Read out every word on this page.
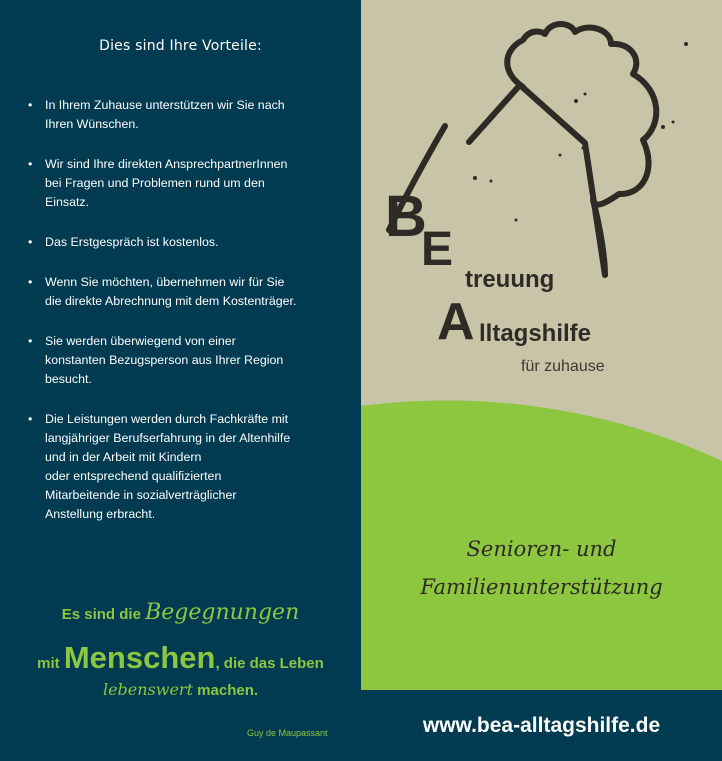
Dies sind Ihre Vorteile:
• In Ihrem Zuhause unterstützen wir Sie nach
Ihren Wünschen.
• Wir sind Ihre direkten AnsprechpartnerInnen
bei Fragen und Problemen rund um den
Einsatz.
• Das Erstgespräch ist kostenlos.
• Wenn Sie möchten, übernehmen wir für Sie
die direkte Abrechnung mit dem Kostenträger.
• Sie werden überwiegend von einer
konstanten Bezugsperson aus Ihrer Region
besucht.
• Die Leistungen werden durch Fachkräfte mit
langjähriger Berufserfahrung in der Altenhilfe
und in der Arbeit mit Kindern
oder entsprechend qualifizierten
Mitarbeitende in sozialverträglicher
Anstellung erbracht.
Es sind die Begegnungen
mit Menschen, die das Leben
lebenswert machen.
Guy de Maupassant
B
E
treuung
A lltagshilfe
für zuhause
Senioren- und
Familienunterstützung
www.bea-alltagshilfe.de
